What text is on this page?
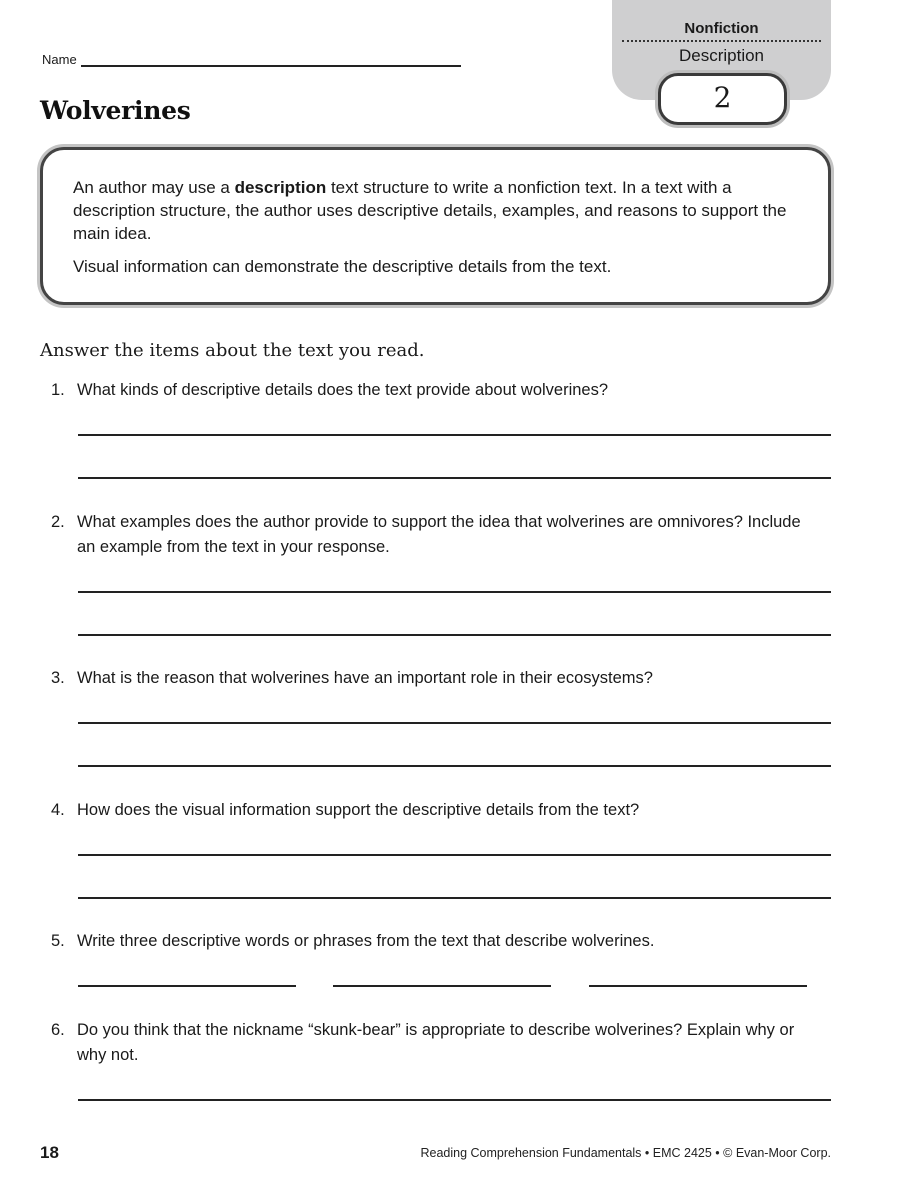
Name
Wolverines
Nonfiction
Description
2

An author may use a description text structure to write a nonfiction text. In a text with a description structure, the author uses descriptive details, examples, and reasons to support the main idea.

Visual information can demonstrate the descriptive details from the text.

Answer the items about the text you read.
1. What kinds of descriptive details does the text provide about wolverines?
2. What examples does the author provide to support the idea that wolverines are omnivores? Include an example from the text in your response.
3. What is the reason that wolverines have an important role in their ecosystems?
4. How does the visual information support the descriptive details from the text?
5. Write three descriptive words or phrases from the text that describe wolverines.
6. Do you think that the nickname “skunk-bear” is appropriate to describe wolverines? Explain why or why not.
18	Reading Comprehension Fundamentals • EMC 2425 • © Evan-Moor Corp.
